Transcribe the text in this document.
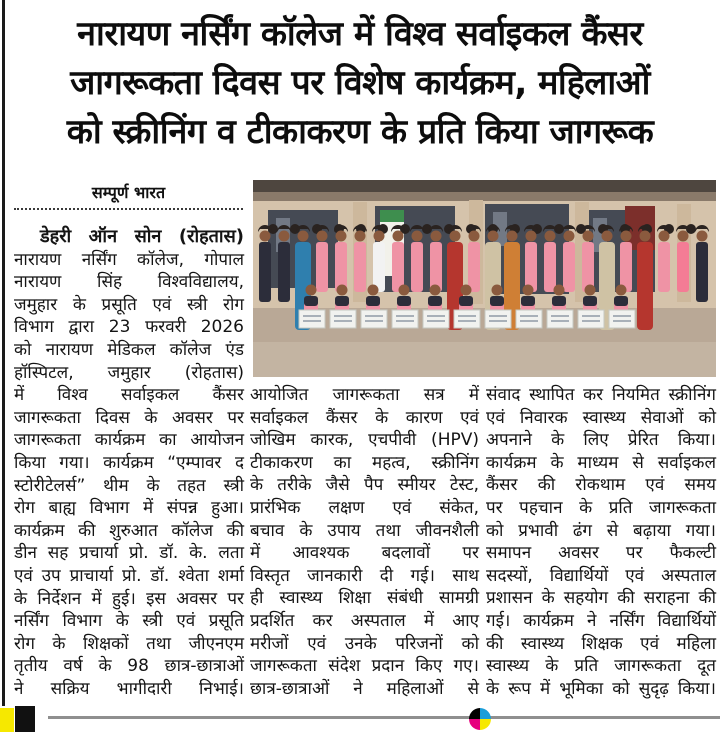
नारायण नर्सिंग कॉलेज में विश्व सर्वाइकल कैंसर
जागरूकता दिवस पर विशेष कार्यक्रम, महिलाओं
को स्क्रीनिंग व टीकाकरण के प्रति किया जागरूक
सम्पूर्ण भारत
डेहरी ऑन सोन (रोहतास)
नारायण नर्सिंग कॉलेज, गोपाल
नारायण सिंह विश्वविद्यालय,
जमुहार के प्रसूति एवं स्त्री रोग
विभाग द्वारा 23 फरवरी 2026
को नारायण मेडिकल कॉलेज एंड
हॉस्पिटल, जमुहार (रोहतास)
में विश्व सर्वाइकल कैंसर
जागरूकता दिवस के अवसर पर
जागरूकता कार्यक्रम का आयोजन
किया गया। कार्यक्रम “एम्पावर द
स्टोरीटेलर्स” थीम के तहत स्त्री
रोग बाह्य विभाग में संपन्न हुआ।
कार्यक्रम की शुरुआत कॉलेज की
डीन सह प्रचार्या प्रो. डॉ. के. लता
एवं उप प्राचार्या प्रो. डॉ. श्वेता शर्मा
के निर्देशन में हुई। इस अवसर पर
नर्सिंग विभाग के स्त्री एवं प्रसूति
रोग के शिक्षकों तथा जीएनएम
तृतीय वर्ष के 98 छात्र-छात्राओं
ने सक्रिय भागीदारी निभाई।
आयोजित जागरूकता सत्र में
सर्वाइकल कैंसर के कारण एवं
जोखिम कारक, एचपीवी (HPV)
टीकाकरण का महत्व, स्क्रीनिंग
के तरीके जैसे पैप स्मीयर टेस्ट,
प्रारंभिक लक्षण एवं संकेत,
बचाव के उपाय तथा जीवनशैली
में आवश्यक बदलावों पर
विस्तृत जानकारी दी गई। साथ
ही स्वास्थ्य शिक्षा संबंधी सामग्री
प्रदर्शित कर अस्पताल में आए
मरीजों एवं उनके परिजनों को
जागरूकता संदेश प्रदान किए गए।
छात्र-छात्राओं ने महिलाओं से
संवाद स्थापित कर नियमित स्क्रीनिंग
एवं निवारक स्वास्थ्य सेवाओं को
अपनाने के लिए प्रेरित किया।
कार्यक्रम के माध्यम से सर्वाइकल
कैंसर की रोकथाम एवं समय
पर पहचान के प्रति जागरूकता
को प्रभावी ढंग से बढ़ाया गया।
समापन अवसर पर फैकल्टी
सदस्यों, विद्यार्थियों एवं अस्पताल
प्रशासन के सहयोग की सराहना की
गई। कार्यक्रम ने नर्सिंग विद्यार्थियों
की स्वास्थ्य शिक्षक एवं महिला
स्वास्थ्य के प्रति जागरूकता दूत
के रूप में भूमिका को सुदृढ़ किया।
